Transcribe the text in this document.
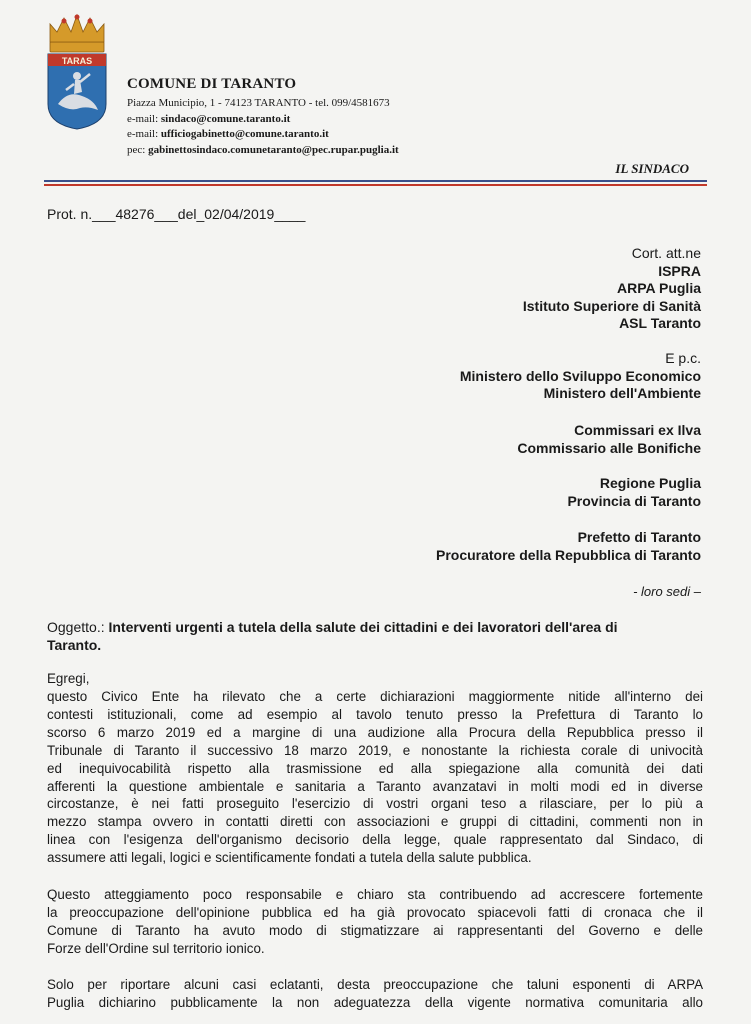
TARAS
COMUNE DI TARANTO
Piazza Municipio, 1 - 74123 TARANTO - tel. 099/4581673
e-mail: sindaco@comune.taranto.it
e-mail: ufficiogabinetto@comune.taranto.it
pec: gabinettosindaco.comunetaranto@pec.rupar.puglia.it
IL SINDACO
Prot. n.___48276___del_02/04/2019____
Cort. att.ne
ISPRA
ARPA Puglia
Istituto Superiore di Sanità
ASL Taranto
E p.c.
Ministero dello Sviluppo Economico
Ministero dell'Ambiente
Commissari ex Ilva
Commissario alle Bonifiche
Regione Puglia
Provincia di Taranto
Prefetto di Taranto
Procuratore della Repubblica di Taranto
- loro sedi –
Oggetto.: Interventi urgenti a tutela della salute dei cittadini e dei lavoratori dell'area di
Taranto.
Egregi,
questo Civico Ente ha rilevato che a certe dichiarazioni maggiormente nitide all'interno dei
contesti istituzionali, come ad esempio al tavolo tenuto presso la Prefettura di Taranto lo
scorso 6 marzo 2019 ed a margine di una audizione alla Procura della Repubblica presso il
Tribunale di Taranto il successivo 18 marzo 2019, e nonostante la richiesta corale di univocità
ed inequivocabilità rispetto alla trasmissione ed alla spiegazione alla comunità dei dati
afferenti la questione ambientale e sanitaria a Taranto avanzatavi in molti modi ed in diverse
circostanze, è nei fatti proseguito l'esercizio di vostri organi teso a rilasciare, per lo più a
mezzo stampa ovvero in contatti diretti con associazioni e gruppi di cittadini, commenti non in
linea con l'esigenza dell'organismo decisorio della legge, quale rappresentato dal Sindaco, di
assumere atti legali, logici e scientificamente fondati a tutela della salute pubblica.
Questo atteggiamento poco responsabile e chiaro sta contribuendo ad accrescere fortemente
la preoccupazione dell'opinione pubblica ed ha già provocato spiacevoli fatti di cronaca che il
Comune di Taranto ha avuto modo di stigmatizzare ai rappresentanti del Governo e delle
Forze dell'Ordine sul territorio ionico.
Solo per riportare alcuni casi eclatanti, desta preoccupazione che taluni esponenti di ARPA
Puglia dichiarino pubblicamente la non adeguatezza della vigente normativa comunitaria allo
